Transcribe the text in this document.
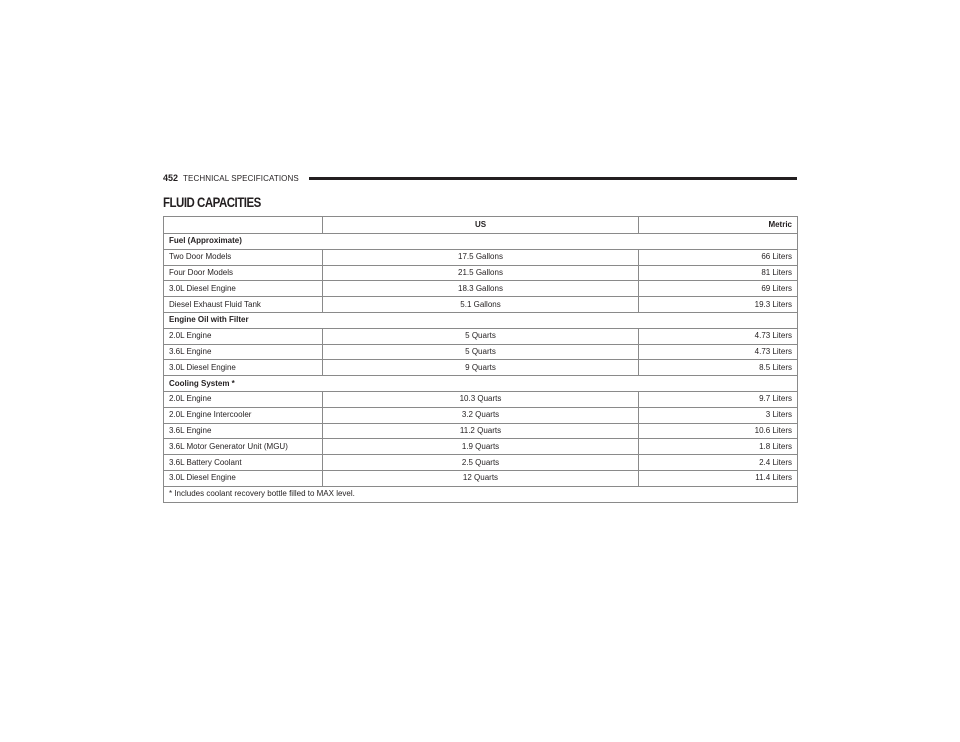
452 TECHNICAL SPECIFICATIONS
FLUID CAPACITIES
	US	Metric
Fuel (Approximate)		
Two Door Models	17.5 Gallons	66 Liters
Four Door Models	21.5 Gallons	81 Liters
3.0L Diesel Engine	18.3 Gallons	69 Liters
Diesel Exhaust Fluid Tank	5.1 Gallons	19.3 Liters
Engine Oil with Filter		
2.0L Engine	5 Quarts	4.73 Liters
3.6L Engine	5 Quarts	4.73 Liters
3.0L Diesel Engine	9 Quarts	8.5 Liters
Cooling System *		
2.0L Engine	10.3 Quarts	9.7 Liters
2.0L Engine Intercooler	3.2 Quarts	3 Liters
3.6L Engine	11.2 Quarts	10.6 Liters
3.6L Motor Generator Unit (MGU)	1.9 Quarts	1.8 Liters
3.6L Battery Coolant	2.5 Quarts	2.4 Liters
3.0L Diesel Engine	12 Quarts	11.4 Liters
* Includes coolant recovery bottle filled to MAX level.		
